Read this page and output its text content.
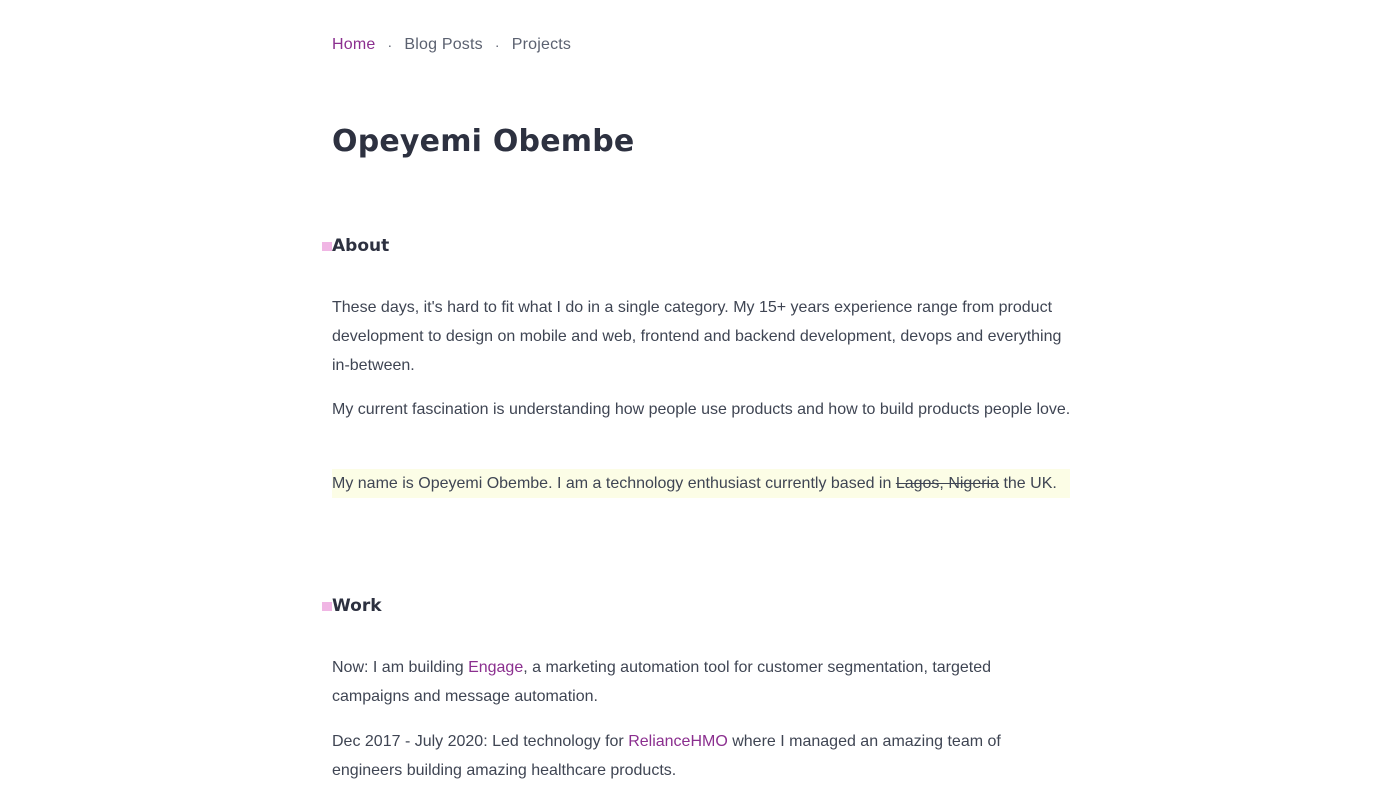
Home · Blog Posts · Projects
Opeyemi Obembe
About

These days, it's hard to fit what I do in a single category. My 15+ years experience range from product development to design on mobile and web, frontend and backend development, devops and everything in-between.

My current fascination is understanding how people use products and how to build products people love.

My name is Opeyemi Obembe. I am a technology enthusiast currently based in Lagos, Nigeria the UK.

Work

Now: I am building Engage, a marketing automation tool for customer segmentation, targeted campaigns and message automation.

Dec 2017 - July 2020: Led technology for RelianceHMO where I managed an amazing team of engineers building amazing healthcare products.
